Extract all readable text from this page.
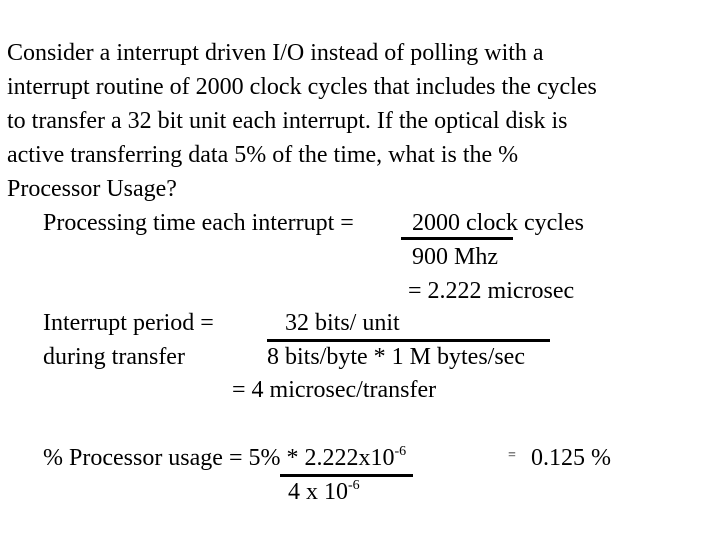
Consider a interrupt driven I/O instead of polling with a

interrupt routine of 2000 clock cycles that includes the cycles

to transfer a 32 bit unit each interrupt. If the optical disk is

active transferring data 5% of the time, what is the %

Processor Usage?

Processing time each interrupt = 2000 clock cycles

900 Mhz

= 2.222 microsec

Interrupt period =	32 bits/ unit

during transfer	8 bits/byte * 1 M bytes/sec

= 4 microsec/transfer

% Processor usage = $5\% * 2.222x10^{-6}$	= 0.125 %

4 x $10^{-6}$
